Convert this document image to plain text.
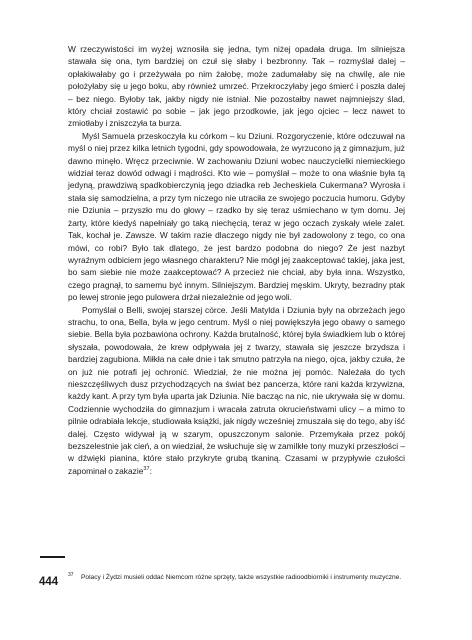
W rzeczywistości im wyżej wznosiła się jedna, tym niżej opadała druga. Im silniejsza stawała się ona, tym bardziej on czuł się słaby i bezbronny. Tak – rozmyślał dalej – opłakiwałaby go i przeżywała po nim żałobę, może zadumałaby się na chwilę, ale nie położyłaby się u jego boku, aby również umrzeć. Przekroczyłaby jego śmierć i poszła dalej – bez niego. Byłoby tak, jakby nigdy nie istniał. Nie pozostałby nawet najmniejszy ślad, który chciał zostawić po sobie – jak jego przodkowie, jak jego ojciec – lecz nawet to zmiotłaby i zniszczyła ta burza.

Myśl Samuela przeskoczyła ku córkom – ku Dziuni. Rozgoryczenie, które odczuwał na myśl o niej przez kilka letnich tygodni, gdy spowodowała, że wyrzucono ją z gimnazjum, już dawno minęło. Wręcz przeciwnie. W zachowaniu Dziuni wobec nauczycielki niemieckiego widział teraz dowód odwagi i mądrości. Kto wie – pomyślał – może to ona właśnie była tą jedyną, prawdziwą spadkobierczynią jego dziadka reb Jecheskiela Cukermana? Wyrosła i stała się samodzielna, a przy tym niczego nie utraciła ze swojego poczucia humoru. Gdyby nie Dziunia – przyszło mu do głowy – rzadko by się teraz uśmiechano w tym domu. Jej żarty, które kiedyś napełniały go taką niechęcią, teraz w jego oczach zyskały wiele zalet. Tak, kochał je. Zawsze. W takim razie dlaczego nigdy nie był zadowolony z tego, co ona mówi, co robi? Było tak dlatego, że jest bardzo podobna do niego? Że jest nazbyt wyraźnym odbiciem jego własnego charakteru? Nie mógł jej zaakceptować takiej, jaka jest, bo sam siebie nie może zaakceptować? A przecież nie chciał, aby była inna. Wszystko, czego pragnął, to samemu być innym. Silniejszym. Bardziej męskim. Ukryty, bezradny ptak po lewej stronie jego pulowera drżał niezależnie od jego woli.

Pomyślał o Belli, swojej starszej córce. Jeśli Matylda i Dziunia były na obrzeżach jego strachu, to ona, Bella, była w jego centrum. Myśl o niej powiększyła jego obawy o samego siebie. Bella była pozbawiona ochrony. Każda brutalność, której była świadkiem lub o której słyszała, powodowała, że krew odpływała jej z twarzy, stawała się jeszcze brzydsza i bardziej zagubiona. Miłkła na całe dnie i tak smutno patrzyła na niego, ojca, jakby czuła, że on już nie potrafi jej ochronić. Wiedział, że nie można jej pomóc. Należała do tych nieszczęśliwych dusz przychodzących na świat bez pancerza, które rani każda krzywizna, każdy kant. A przy tym była uparta jak Dziunia. Nie bacząc na nic, nie ukrywała się w domu. Codziennie wychodziła do gimnazjum i wracała zatruta okrucieństwami ulicy – a mimo to pilnie odrabiała lekcje, studiowała książki, jak nigdy wcześniej zmuszała się do tego, aby iść dalej. Często widywał ją w szarym, opuszczonym salonie. Przemykała przez pokój bezszelestnie jak cień, a on wiedział, że wsłuchuje się w zamilkłe tony muzyki przeszłości – w dźwięki pianina, które stało przykryte grubą tkaniną. Czasami w przypływie czułości zapominał o zakazie$^{37}$:

444
37 Polacy i Żydzi musieli oddać Niemcom różne sprzęty, także wszystkie radioodbiorniki i instrumenty muzyczne.
